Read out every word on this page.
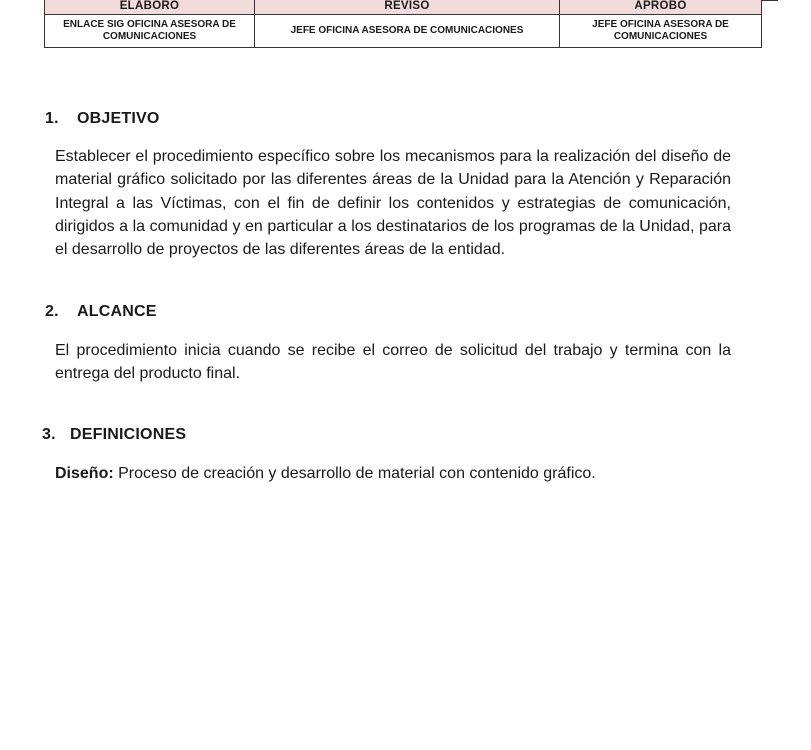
ELABORÓ	REVISÓ	APROBÓ
ENLACE SIG OFICINA ASESORA DE COMUNICACIONES	JEFE OFICINA ASESORA DE COMUNICACIONES	JEFE OFICINA ASESORA DE COMUNICACIONES
1. OBJETIVO

Establecer el procedimiento específico sobre los mecanismos para la realización del diseño de material gráfico solicitado por las diferentes áreas de la Unidad para la Atención y Reparación Integral a las Víctimas, con el fin de definir los contenidos y estrategias de comunicación, dirigidos a la comunidad y en particular a los destinatarios de los programas de la Unidad, para el desarrollo de proyectos de las diferentes áreas de la entidad.

2. ALCANCE

El procedimiento inicia cuando se recibe el correo de solicitud del trabajo y termina con la entrega del producto final.

3. DEFINICIONES

Diseño: Proceso de creación y desarrollo de material con contenido gráfico.
